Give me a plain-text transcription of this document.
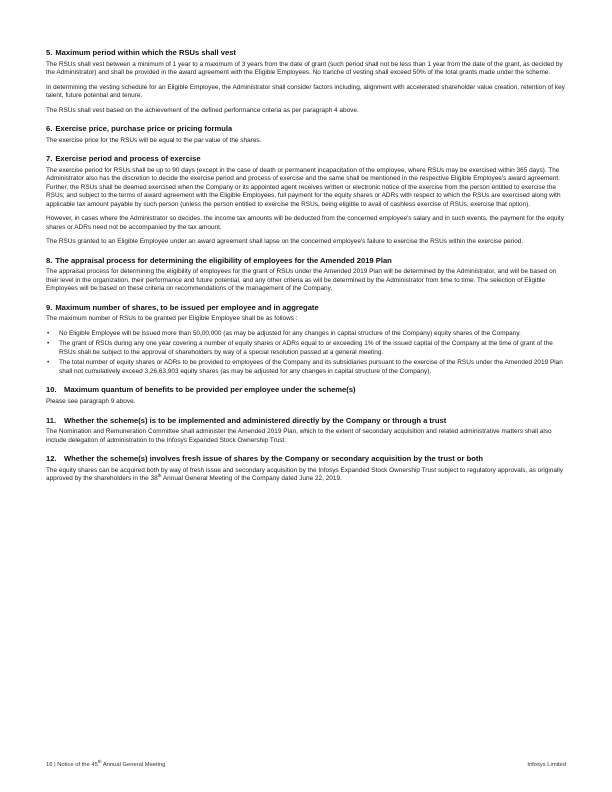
5. Maximum period within which the RSUs shall vest

The RSUs shall vest between a minimum of 1 year to a maximum of 3 years from the date of grant (such period shall not be less than 1 year from the date of the grant, as decided by the Administrator) and shall be provided in the award agreement with the Eligible Employees. No tranche of vesting shall exceed 50% of the total grants made under the scheme.

In determining the vesting schedule for an Eligible Employee, the Administrator shall consider factors including, alignment with accelerated shareholder value creation, retention of key talent, future potential and tenure.

The RSUs shall vest based on the achievement of the defined performance criteria as per paragraph 4 above.

6. Exercise price, purchase price or pricing formula

The exercise price for the RSUs will be equal to the par value of the shares.

7. Exercise period and process of exercise

The exercise period for RSUs shall be up to 90 days (except in the case of death or permanent incapacitation of the employee, where RSUs may be exercised within 365 days). The Administrator also has the discretion to decide the exercise period and process of exercise and the same shall be mentioned in the respective Eligible Employee's award agreement. Further, the RSUs shall be deemed exercised when the Company or its appointed agent receives written or electronic notice of the exercise from the person entitled to exercise the RSUs; and subject to the terms of award agreement with the Eligible Employees, full payment for the equity shares or ADRs with respect to which the RSUs are exercised along with applicable tax amount payable by such person (unless the person entitled to exercise the RSUs, being eligible to avail of cashless exercise of RSUs, exercise that option).

However, in cases where the Administrator so decides, the income tax amounts will be deducted from the concerned employee's salary and in such events, the payment for the equity shares or ADRs need not be accompanied by the tax amount.

The RSUs granted to an Eligible Employee under an award agreement shall lapse on the concerned employee's failure to exercise the RSUs within the exercise period.

8. The appraisal process for determining the eligibility of employees for the Amended 2019 Plan

The appraisal process for determining the eligibility of employees for the grant of RSUs under the Amended 2019 Plan will be determined by the Administrator, and will be based on their level in the organization, their performance and future potential, and any other criteria as will be determined by the Administrator from time to time. The selection of Eligible Employees will be based on these criteria on recommendations of the management of the Company.

9. Maximum number of shares, to be issued per employee and in aggregate

The maximum number of RSUs to be granted per Eligible Employee shall be as follows :

• No Eligible Employee will be issued more than 50,00,000 (as may be adjusted for any changes in capital structure of the Company) equity shares of the Company.
• The grant of RSUs during any one year covering a number of equity shares or ADRs equal to or exceeding 1% of the issued capital of the Company at the time of grant of the RSUs shall be subject to the approval of shareholders by way of a special resolution passed at a general meeting.
• The total number of equity shares or ADRs to be provided to employees of the Company and its subsidiaries pursuant to the exercise of the RSUs under the Amended 2019 Plan shall not cumulatively exceed 3,26,63,903 equity shares (as may be adjusted for any changes in capital structure of the Company).
10. Maximum quantum of benefits to be provided per employee under the scheme(s)

Please see paragraph 9 above.

11.	Whether the scheme(s) is to be implemented and administered directly by the Company or through a trust

The Nomination and Remuneration Committee shall administer the Amended 2019 Plan, which to the extent of secondary acquisition and related administrative matters shall also include delegation of administration to the Infosys Expanded Stock Ownership Trust.

12. Whether the scheme(s) involves fresh issue of shares by the Company or secondary acquisition by the trust or both

The equity shares can be acquired both by way of fresh issue and secondary acquisition by the Infosys Expanded Stock Ownership Trust subject to regulatory approvals, as originally approved by the shareholders in the 38th Annual General Meeting of the Company dated June 22, 2019.

16 | Notice of the 45th Annual General Meeting	Infosys Limited
